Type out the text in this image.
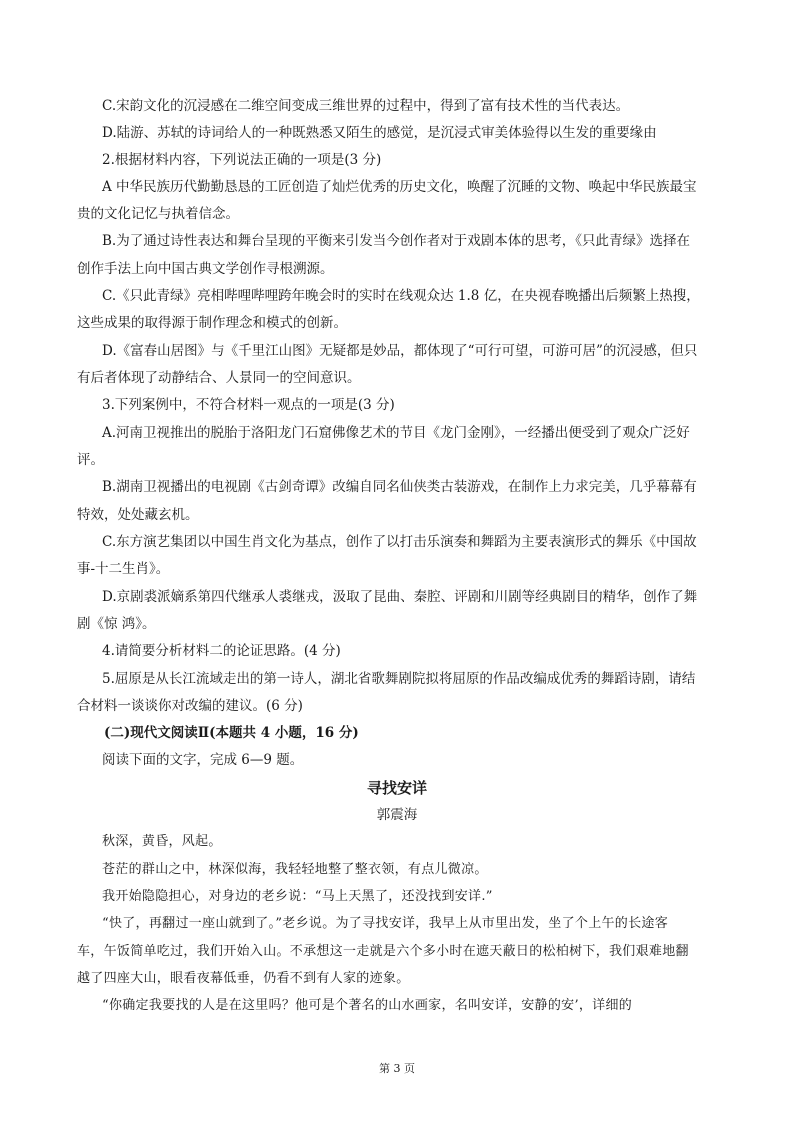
C.宋韵文化的沉浸感在二维空间变成三维世界的过程中，得到了富有技术性的当代表达。
D.陆游、苏轼的诗词给人的一种既熟悉又陌生的感觉，是沉浸式审美体验得以生发的重要缘由
2.根据材料内容，下列说法正确的一项是(3 分)
A 中华民族历代勤勤恳恳的工匠创造了灿烂优秀的历史文化，唤醒了沉睡的文物、唤起中华民族最宝
贵的文化记忆与执着信念。
B.为了通过诗性表达和舞台呈现的平衡来引发当今创作者对于戏剧本体的思考，《只此青绿》选择在
创作手法上向中国古典文学创作寻根溯源。
C.《只此青绿》亮相哔哩哔哩跨年晚会时的实时在线观众达 1.8 亿，在央视春晚播出后频繁上热搜，
这些成果的取得源于制作理念和模式的创新。
D.《富春山居图》与《千里江山图》无疑都是妙品，都体现了“可行可望，可游可居”的沉浸感，但只
有后者体现了动静结合、人景同一的空间意识。
3.下列案例中，不符合材料一观点的一项是(3 分)
A.河南卫视推出的脱胎于洛阳龙门石窟佛像艺术的节目《龙门金刚》，一经播出便受到了观众广泛好
评。
B.湖南卫视播出的电视剧《古剑奇谭》改编自同名仙侠类古装游戏，在制作上力求完美，几乎幕幕有
特效，处处藏玄机。
C.东方演艺集团以中国生肖文化为基点，创作了以打击乐演奏和舞蹈为主要表演形式的舞乐《中国故
事-十二生肖》。
D.京剧裘派嫡系第四代继承人裘继戎，汲取了昆曲、秦腔、评剧和川剧等经典剧目的精华，创作了舞
剧《惊 鸿》。
4.请简要分析材料二的论证思路。(4 分)
5.屈原是从长江流域走出的第一诗人，湖北省歌舞剧院拟将屈原的作品改编成优秀的舞蹈诗剧，请结
合材料一谈谈你对改编的建议。(6 分)
(二)现代文阅读Ⅱ(本题共 4 小题，16 分)
阅读下面的文字，完成 6—9 题。
寻找安详
郭震海
秋深，黄昏，风起。
苍茫的群山之中，林深似海，我轻轻地整了整衣领，有点儿微凉。
我开始隐隐担心，对身边的老乡说：“马上天黑了，还没找到安详.”
“快了，再翻过一座山就到了。”老乡说。为了寻找安详，我早上从市里出发，坐了个上午的长途客
车，午饭简单吃过，我们开始入山。不承想这一走就是六个多小时在遮天蔽日的松柏树下，我们艰难地翻
越了四座大山，眼看夜幕低垂，仍看不到有人家的迹象。
“你确定我要找的人是在这里吗？他可是个著名的山水画家，名叫安详，安静的安’，详细的
第 3 页
